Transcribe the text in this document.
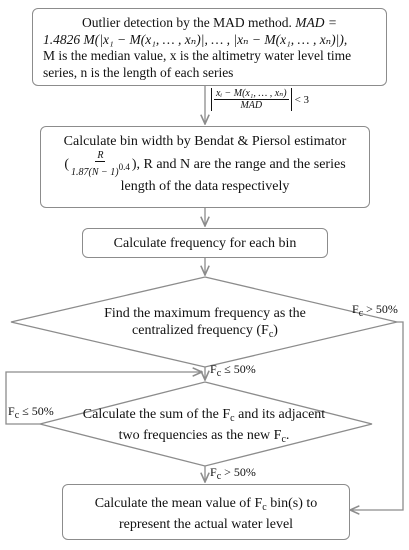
Outlier detection by the MAD method. MAD =
1.4826 M(|x₁ − M(x₁, … , xₙ)|, … , |xₙ − M(x₁, … , xₙ)|),
M is the median value, x is the altimetry water level time
series, n is the length of each series
$\frac{\text{xᵢ − M(x₁, … , xₙ)}}{\text{MAD}} < 3$
Calculate bin width by Bendat & Piersol estimator
( $\frac{R}{1.87(N - 1)0.4}$ ), R and N are the range and the series
length of the data respectively
Calculate frequency for each bin
Find the maximum frequency as the
centralized frequency $(F_c)$
Calculate the sum of the $F_c$ and its adjacent
two frequencies as the new $F_c$.
Calculate the mean value of $F_c$ bin(s) to
represent the actual water level
$F_c > 50\%$
$F_c \le 50\%$
$F_c \le 50\%$
$F_c > 50\%$
